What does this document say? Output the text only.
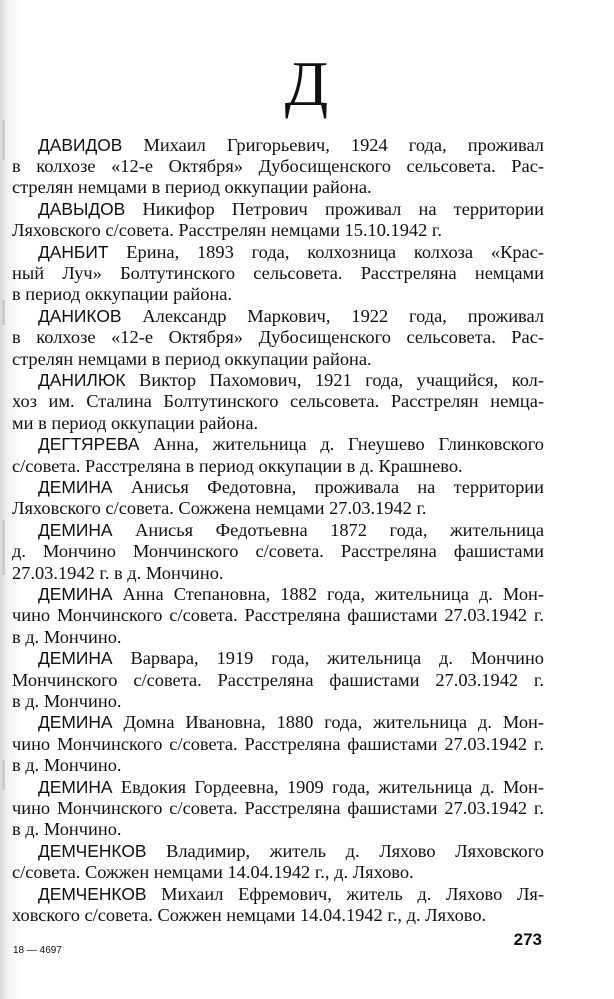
Д
ДАВИДОВ Михаил Григорьевич, 1924 года, проживал
в колхозе «12-е Октября» Дубосищенского сельсовета. Рас-
стрелян немцами в период оккупации района.
ДАВЫДОВ Никифор Петрович проживал на территории
Ляховского с/совета. Расстрелян немцами 15.10.1942 г.
ДАНБИТ Ерина, 1893 года, колхозница колхоза «Крас-
ный Луч» Болтутинского сельсовета. Расстреляна немцами
в период оккупации района.
ДАНИКОВ Александр Маркович, 1922 года, проживал
в колхозе «12-е Октября» Дубосищенского сельсовета. Рас-
стрелян немцами в период оккупации района.
ДАНИЛЮК Виктор Пахомович, 1921 года, учащийся, кол-
хоз им. Сталина Болтутинского сельсовета. Расстрелян немца-
ми в период оккупации района.
ДЕГТЯРЕВА Анна, жительница д. Гнеушево Глинковского
с/совета. Расстреляна в период оккупации в д. Крашнево.
ДЕМИНА Анисья Федотовна, проживала на территории
Ляховского с/совета. Сожжена немцами 27.03.1942 г.
ДЕМИНА Анисья Федотьевна 1872 года, жительница
д. Мончино Мончинского с/совета. Расстреляна фашистами
27.03.1942 г. в д. Мончино.
ДЕМИНА Анна Степановна, 1882 года, жительница д. Мон-
чино Мончинского с/совета. Расстреляна фашистами 27.03.1942 г.
в д. Мончино.
ДЕМИНА Варвара, 1919 года, жительница д. Мончино
Мончинского с/совета. Расстреляна фашистами 27.03.1942 г.
в д. Мончино.
ДЕМИНА Домна Ивановна, 1880 года, жительница д. Мон-
чино Мончинского с/совета. Расстреляна фашистами 27.03.1942 г.
в д. Мончино.
ДЕМИНА Евдокия Гордеевна, 1909 года, жительница д. Мон-
чино Мончинского с/совета. Расстреляна фашистами 27.03.1942 г.
в д. Мончино.
ДЕМЧЕНКОВ Владимир, житель д. Ляхово Ляховского
с/совета. Сожжен немцами 14.04.1942 г., д. Ляхово.
ДЕМЧЕНКОВ Михаил Ефремович, житель д. Ляхово Ля-
ховского с/совета. Сожжен немцами 14.04.1942 г., д. Ляхово.
18 — 4697
273
